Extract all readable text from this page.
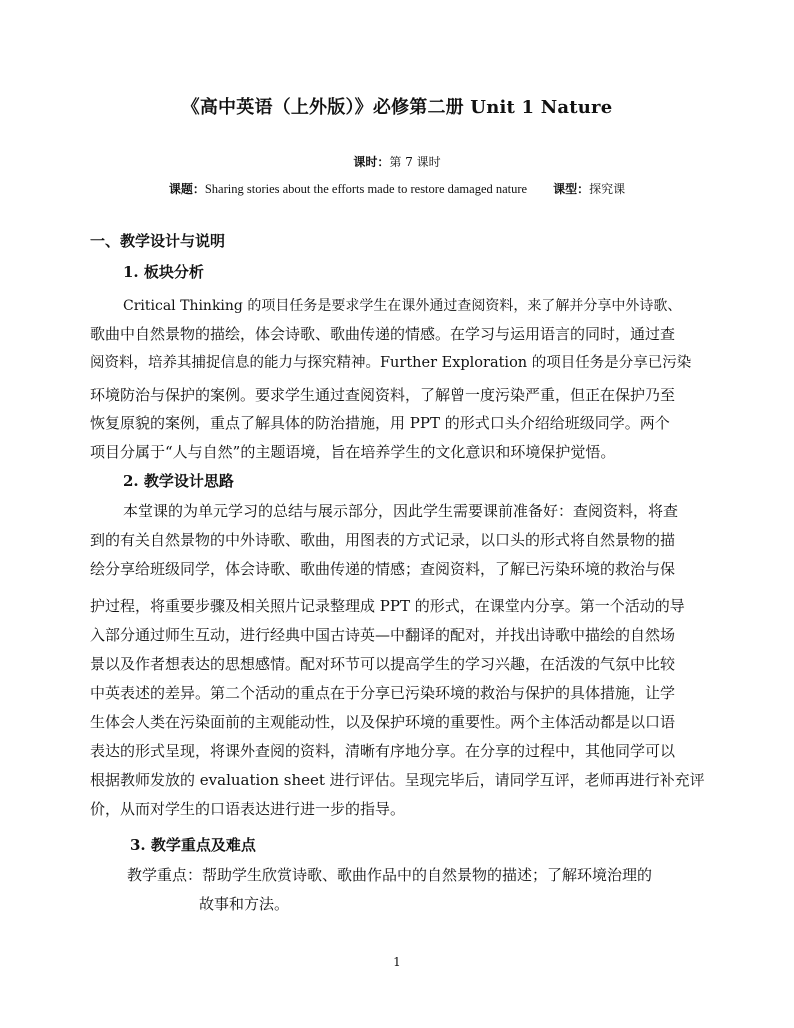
《高中英语（上外版）》必修第二册 Unit 1 Nature
课时：第 7 课时
课题：Sharing stories about the efforts made to restore damaged nature 课型：探究课
一、教学设计与说明
1. 板块分析
Critical Thinking 的项目任务是要求学生在课外通过查阅资料，来了解并分享中外诗歌、
歌曲中自然景物的描绘，体会诗歌、歌曲传递的情感。在学习与运用语言的同时，通过查
阅资料，培养其捕捉信息的能力与探究精神。Further Exploration 的项目任务是分享已污染
环境防治与保护的案例。要求学生通过查阅资料，了解曾一度污染严重，但正在保护乃至
恢复原貌的案例，重点了解具体的防治措施，用 PPT 的形式口头介绍给班级同学。两个
项目分属于“人与自然”的主题语境，旨在培养学生的文化意识和环境保护觉悟。
2. 教学设计思路
本堂课的为单元学习的总结与展示部分，因此学生需要课前准备好：查阅资料，将查
到的有关自然景物的中外诗歌、歌曲，用图表的方式记录，以口头的形式将自然景物的描
绘分享给班级同学，体会诗歌、歌曲传递的情感；查阅资料，了解已污染环境的救治与保
护过程，将重要步骤及相关照片记录整理成 PPT 的形式，在课堂内分享。第一个活动的导
入部分通过师生互动，进行经典中国古诗英—中翻译的配对，并找出诗歌中描绘的自然场
景以及作者想表达的思想感情。配对环节可以提高学生的学习兴趣，在活泼的气氛中比较
中英表述的差异。第二个活动的重点在于分享已污染环境的救治与保护的具体措施，让学
生体会人类在污染面前的主观能动性，以及保护环境的重要性。两个主体活动都是以口语
表达的形式呈现，将课外查阅的资料，清晰有序地分享。在分享的过程中，其他同学可以
根据教师发放的 evaluation sheet 进行评估。呈现完毕后，请同学互评，老师再进行补充评
价，从而对学生的口语表达进行进一步的指导。
3. 教学重点及难点
教学重点：帮助学生欣赏诗歌、歌曲作品中的自然景物的描述；了解环境治理的
故事和方法。
1
